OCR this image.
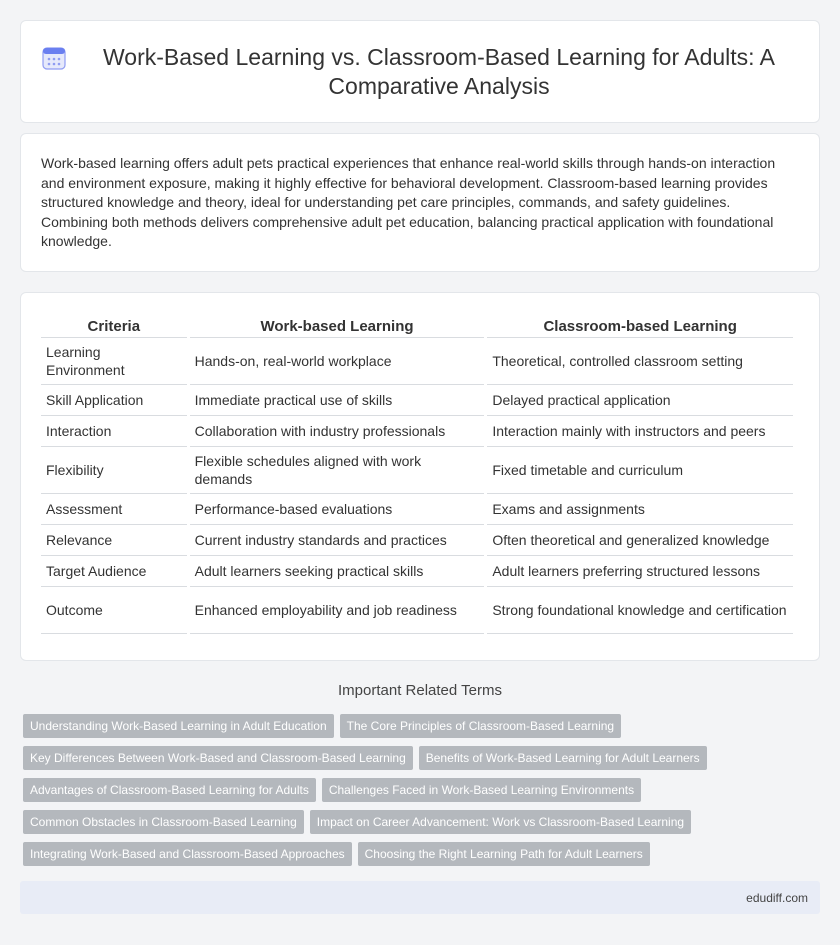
Work-Based Learning vs. Classroom-Based Learning for Adults: A Comparative Analysis

Work-based learning offers adult pets practical experiences that enhance real-world skills through hands-on interaction and environment exposure, making it highly effective for behavioral development. Classroom-based learning provides structured knowledge and theory, ideal for understanding pet care principles, commands, and safety guidelines. Combining both methods delivers comprehensive adult pet education, balancing practical application with foundational knowledge.

Criteria	Work-based Learning	Classroom-based Learning
Learning Environment	Hands-on, real-world workplace	Theoretical, controlled classroom setting
Skill Application	Immediate practical use of skills	Delayed practical application
Interaction	Collaboration with industry professionals	Interaction mainly with instructors and peers
Flexibility	Flexible schedules aligned with work demands	Fixed timetable and curriculum
Assessment	Performance-based evaluations	Exams and assignments
Relevance	Current industry standards and practices	Often theoretical and generalized knowledge
Target Audience	Adult learners seeking practical skills	Adult learners preferring structured lessons
Outcome	Enhanced employability and job readiness	Strong foundational knowledge and certification
Important Related Terms
Understanding Work-Based Learning in Adult Education	The Core Principles of Classroom-Based Learning
Key Differences Between Work-Based and Classroom-Based Learning	Benefits of Work-Based Learning for Adult Learners
Advantages of Classroom-Based Learning for Adults	Challenges Faced in Work-Based Learning Environments
Common Obstacles in Classroom-Based Learning	Impact on Career Advancement: Work vs Classroom-Based Learning
Integrating Work-Based and Classroom-Based Approaches	Choosing the Right Learning Path for Adult Learners
edudiff.com
